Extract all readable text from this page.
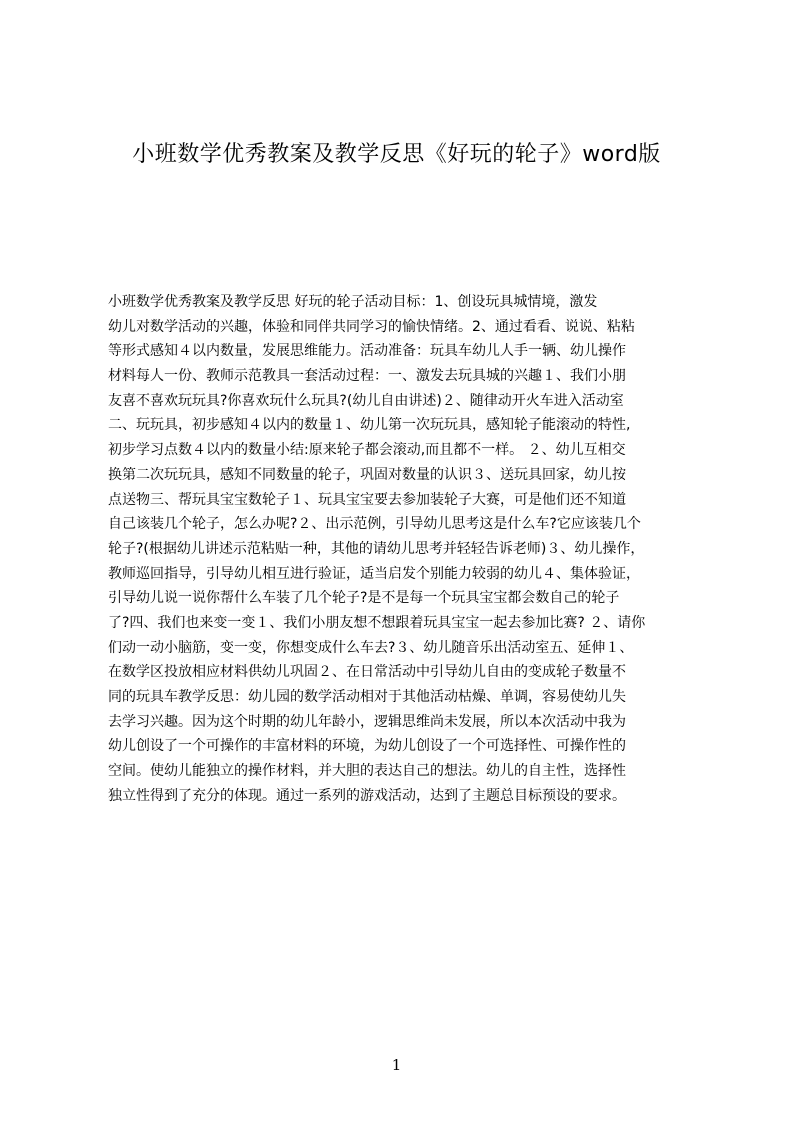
小班数学优秀教案及教学反思《好玩的轮子》word版
小班数学优秀教案及教学反思 好玩的轮子活动目标：1、创设玩具城情境，激发
幼儿对数学活动的兴趣，体验和同伴共同学习的愉快情绪。2、通过看看、说说、粘粘
等形式感知４以内数量，发展思维能力。活动准备：玩具车幼儿人手一辆、幼儿操作
材料每人一份、教师示范教具一套活动过程：一、激发去玩具城的兴趣１、我们小朋
友喜不喜欢玩玩具?你喜欢玩什么玩具?(幼儿自由讲述)２、随律动开火车进入活动室
二、玩玩具，初步感知４以内的数量１、幼儿第一次玩玩具，感知轮子能滚动的特性,
初步学习点数４以内的数量小结:原来轮子都会滚动,而且都不一样。 ２、幼儿互相交
换第二次玩玩具，感知不同数量的轮子，巩固对数量的认识３、送玩具回家，幼儿按
点送物三、帮玩具宝宝数轮子１、玩具宝宝要去参加装轮子大赛，可是他们还不知道
自己该装几个轮子，怎么办呢?２、出示范例，引导幼儿思考这是什么车?它应该装几个
轮子?(根据幼儿讲述示范粘贴一种，其他的请幼儿思考并轻轻告诉老师)３、幼儿操作，
教师巡回指导，引导幼儿相互进行验证，适当启发个别能力较弱的幼儿４、集体验证，
引导幼儿说一说你帮什么车装了几个轮子?是不是每一个玩具宝宝都会数自己的轮子
了?四、我们也来变一变１、我们小朋友想不想跟着玩具宝宝一起去参加比赛? ２、请你
们动一动小脑筋，变一变，你想变成什么车去?３、幼儿随音乐出活动室五、延伸１、
在数学区投放相应材料供幼儿巩固２、在日常活动中引导幼儿自由的变成轮子数量不
同的玩具车教学反思：幼儿园的数学活动相对于其他活动枯燥、单调，容易使幼儿失
去学习兴趣。因为这个时期的幼儿年龄小，逻辑思维尚未发展，所以本次活动中我为
幼儿创设了一个可操作的丰富材料的环境，为幼儿创设了一个可选择性、可操作性的
空间。使幼儿能独立的操作材料，并大胆的表达自己的想法。幼儿的自主性，选择性
独立性得到了充分的体现。通过一系列的游戏活动，达到了主题总目标预设的要求。
1
